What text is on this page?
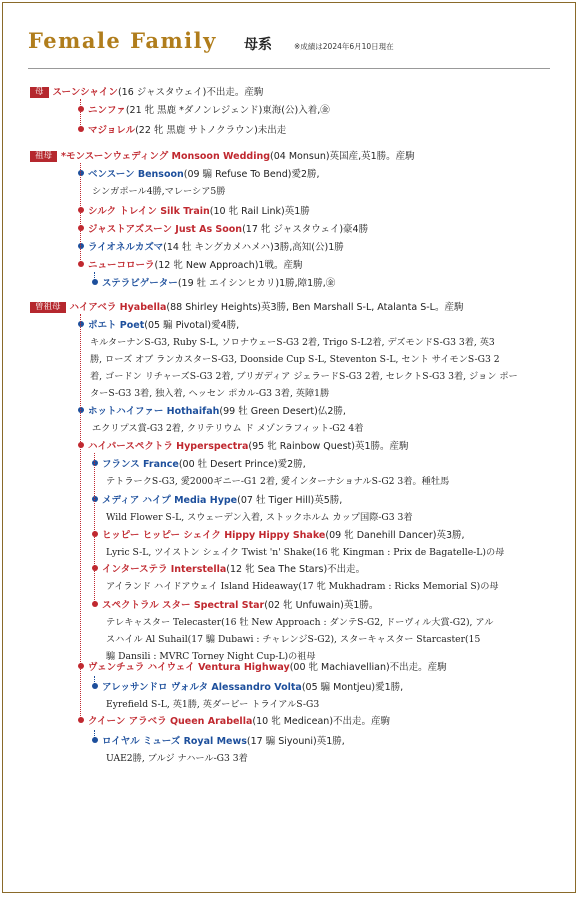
Female Family 母系	※成績は2024年6月10日現在
母 スーンシャイン(16 ジャスタウェイ)不出走。産駒
ニンファ(21 牝 黒鹿 *ダノンレジェンド)東海(公)入着,㊎
マジョレル(22 牝 黒鹿 サトノクラウン)未出走
祖母 *モンスーンウェディング Monsoon Wedding(04 Monsun)英国産,英1勝。産駒
ベンスーン Bensoon(09 騸 Refuse To Bend)愛2勝,
シンガポール4勝,マレーシア5勝
シルク トレイン Silk Train(10 牝 Rail Link)英1勝
ジャストアズスーン Just As Soon(17 牝 ジャスタウェイ)豪4勝
ライオネルカズマ(14 牡 キングカメハメハ)3勝,高知(公)1勝
ニューコローラ(12 牝 New Approach)1戦。産駒
ステラビゲーター(19 牡 エイシンヒカリ)1勝,障1勝,㊎
曽祖母 ハイアベラ Hyabella(88 Shirley Heights)英3勝, Ben Marshall S-L, Atalanta S-L。産駒
ポエト Poet(05 騸 Pivotal)愛4勝,
キルターナンS-G3, Ruby S-L, ソロナウェーS-G3 2着, Trigo S-L2着, デズモンドS-G3 3着, 英3
勝, ローズ オブ ランカスターS-G3, Doonside Cup S-L, Steventon S-L, セント サイモンS-G3 2
着, ゴードン リチャーズS-G3 2着, ブリガディア ジェラードS-G3 2着, セレクトS-G3 3着, ジョン ポー
ターS-G3 3着, 独入着, ヘッセン ポカル-G3 3着, 英障1勝
ホットハイファー Hothaifah(99 牡 Green Desert)仏2勝,
エクリプス賞-G3 2着, クリテリウム ド メゾンラフィット-G2 4着
ハイパースペクトラ Hyperspectra(95 牝 Rainbow Quest)英1勝。産駒
フランス France(00 牡 Desert Prince)愛2勝,
テトラークS-G3, 愛2000ギニー-G1 2着, 愛インターナショナルS-G2 3着。種牡馬
メディア ハイプ Media Hype(07 牡 Tiger Hill)英5勝,
Wild Flower S-L, スウェーデン入着, ストックホルム カップ国際-G3 3着
ヒッピー ヒッピー シェイク Hippy Hippy Shake(09 牝 Danehill Dancer)英3勝,
Lyric S-L, ツイストン シェイク Twist 'n' Shake(16 牝 Kingman : Prix de Bagatelle-L)の母
インターステラ Interstella(12 牝 Sea The Stars)不出走。
アイランド ハイドアウェイ Island Hideaway(17 牝 Mukhadram : Ricks Memorial S)の母
スペクトラル スター Spectral Star(02 牝 Unfuwain)英1勝。
テレキャスター Telecaster(16 牡 New Approach : ダンテS-G2, ドーヴィル大賞-G2), アル
スハイル Al Suhail(17 騸 Dubawi : チャレンジS-G2), スターキャスター Starcaster(15
騸 Dansili : MVRC Torney Night Cup-L)の祖母
ヴェンチュラ ハイウェイ Ventura Highway(00 牝 Machiavellian)不出走。産駒
アレッサンドロ ヴォルタ Alessandro Volta(05 騸 Montjeu)愛1勝,
Eyrefield S-L, 英1勝, 英ダービー トライアルS-G3
クイーン アラベラ Queen Arabella(10 牝 Medicean)不出走。産駒
ロイヤル ミューズ Royal Mews(17 騸 Siyouni)英1勝,
UAE2勝, ブルジ ナハール-G3 3着
